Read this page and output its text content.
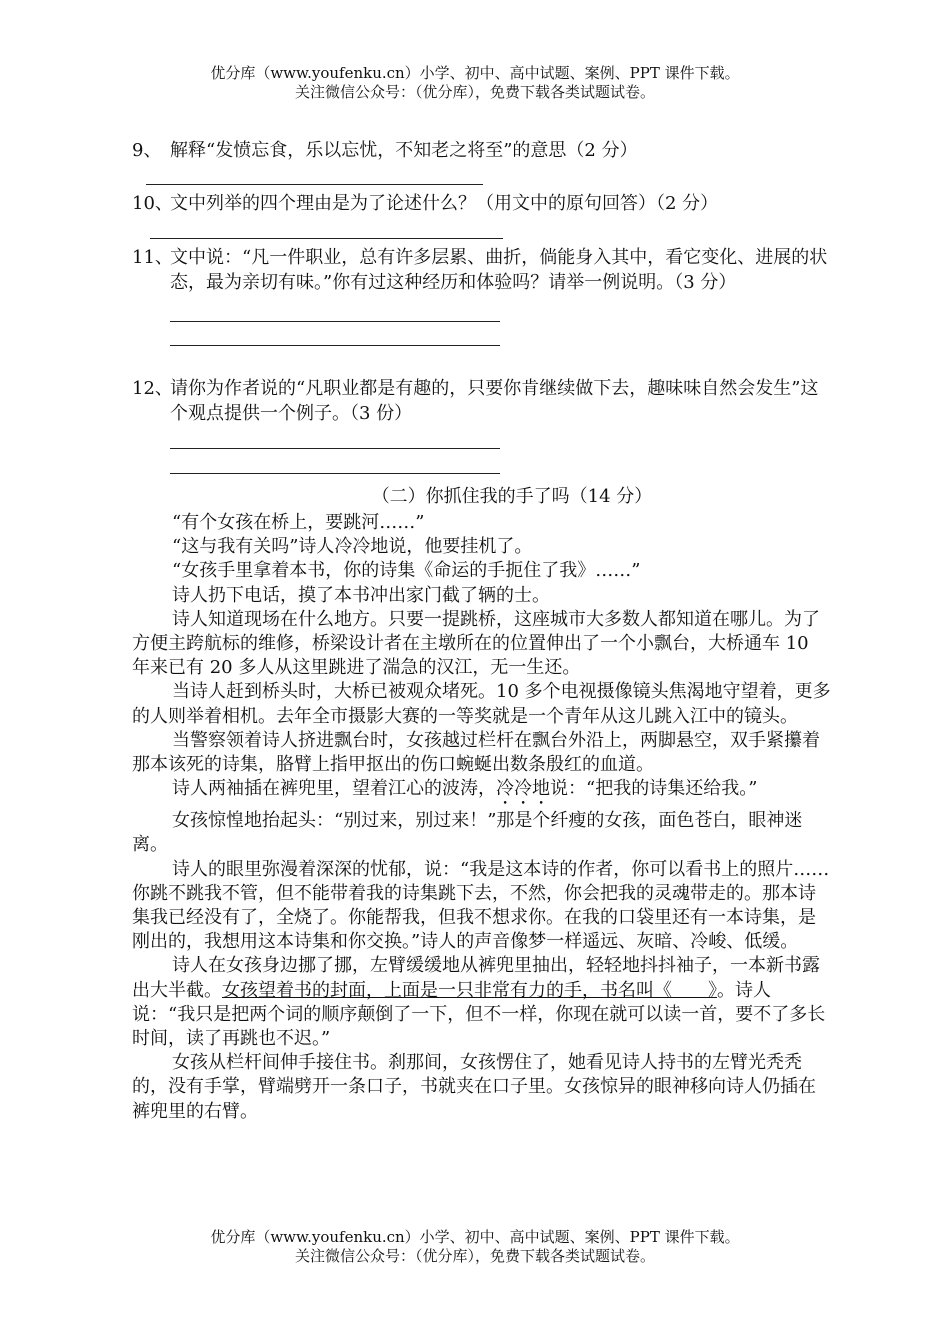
优分库（www.youfenku.cn）小学、初中、高中试题、案例、PPT 课件下载。
关注微信公众号：（优分库），免费下载各类试题试卷。
9、 解释“发愤忘食，乐以忘忧，不知老之将至”的意思（2 分）
10、
文中列举的四个理由是为了论述什么？（用文中的原句回答）（2 分）
11、
文中说：“凡一件职业，总有许多层累、曲折，倘能身入其中，看它变化、进展的状态，最为亲切有味。”你有过这种经历和体验吗？请举一例说明。（3 分）
12、
请你为作者说的“凡职业都是有趣的，只要你肯继续做下去，趣味味自然会发生”这个观点提供一个例子。（3 份）
（二）你抓住我的手了吗（14 分）

“有个女孩在桥上，要跳河……”

“这与我有关吗”诗人冷冷地说，他要挂机了。

“女孩手里拿着本书，你的诗集《命运的手扼住了我》……”

诗人扔下电话，摸了本书冲出家门截了辆的士。

诗人知道现场在什么地方。只要一提跳桥，这座城市大多数人都知道在哪儿。为了方便主跨航标的维修，桥梁设计者在主墩所在的位置伸出了一个小飘台，大桥通车 10 年来已有 20 多人从这里跳进了湍急的汉江，无一生还。

当诗人赶到桥头时，大桥已被观众堵死。10 多个电视摄像镜头焦渴地守望着，更多的人则举着相机。去年全市摄影大赛的一等奖就是一个青年从这儿跳入江中的镜头。

当警察领着诗人挤进飘台时，女孩越过栏杆在飘台外沿上，两脚悬空，双手紧攥着那本该死的诗集，胳臂上指甲抠出的伤口蜿蜒出数条殷红的血道。

诗人两袖插在裤兜里，望着江心的波涛，冷冷地说：“把我的诗集还给我。”

女孩惊惶地抬起头：“别过来，别过来！”那是个纤瘦的女孩，面色苍白，眼神迷离。

诗人的眼里弥漫着深深的忧郁，说：“我是这本诗的作者，你可以看书上的照片……你跳不跳我不管，但不能带着我的诗集跳下去，不然，你会把我的灵魂带走的。那本诗集我已经没有了，全烧了。你能帮我，但我不想求你。在我的口袋里还有一本诗集，是刚出的，我想用这本诗集和你交换。”诗人的声音像梦一样遥远、灰暗、冷峻、低缓。

诗人在女孩身边挪了挪，左臂缓缓地从裤兜里抽出，轻轻地抖抖袖子，一本新书露出大半截。女孩望着书的封面，上面是一只非常有力的手，书名叫《　　》。诗人说：“我只是把两个词的顺序颠倒了一下，但不一样，你现在就可以读一首，要不了多长时间，读了再跳也不迟。”

女孩从栏杆间伸手接住书。刹那间，女孩愣住了，她看见诗人持书的左臂光秃秃的，没有手掌，臂端劈开一条口子，书就夹在口子里。女孩惊异的眼神移向诗人仍插在裤兜里的右臂。

优分库（www.youfenku.cn）小学、初中、高中试题、案例、PPT 课件下载。
关注微信公众号：（优分库），免费下载各类试题试卷。
